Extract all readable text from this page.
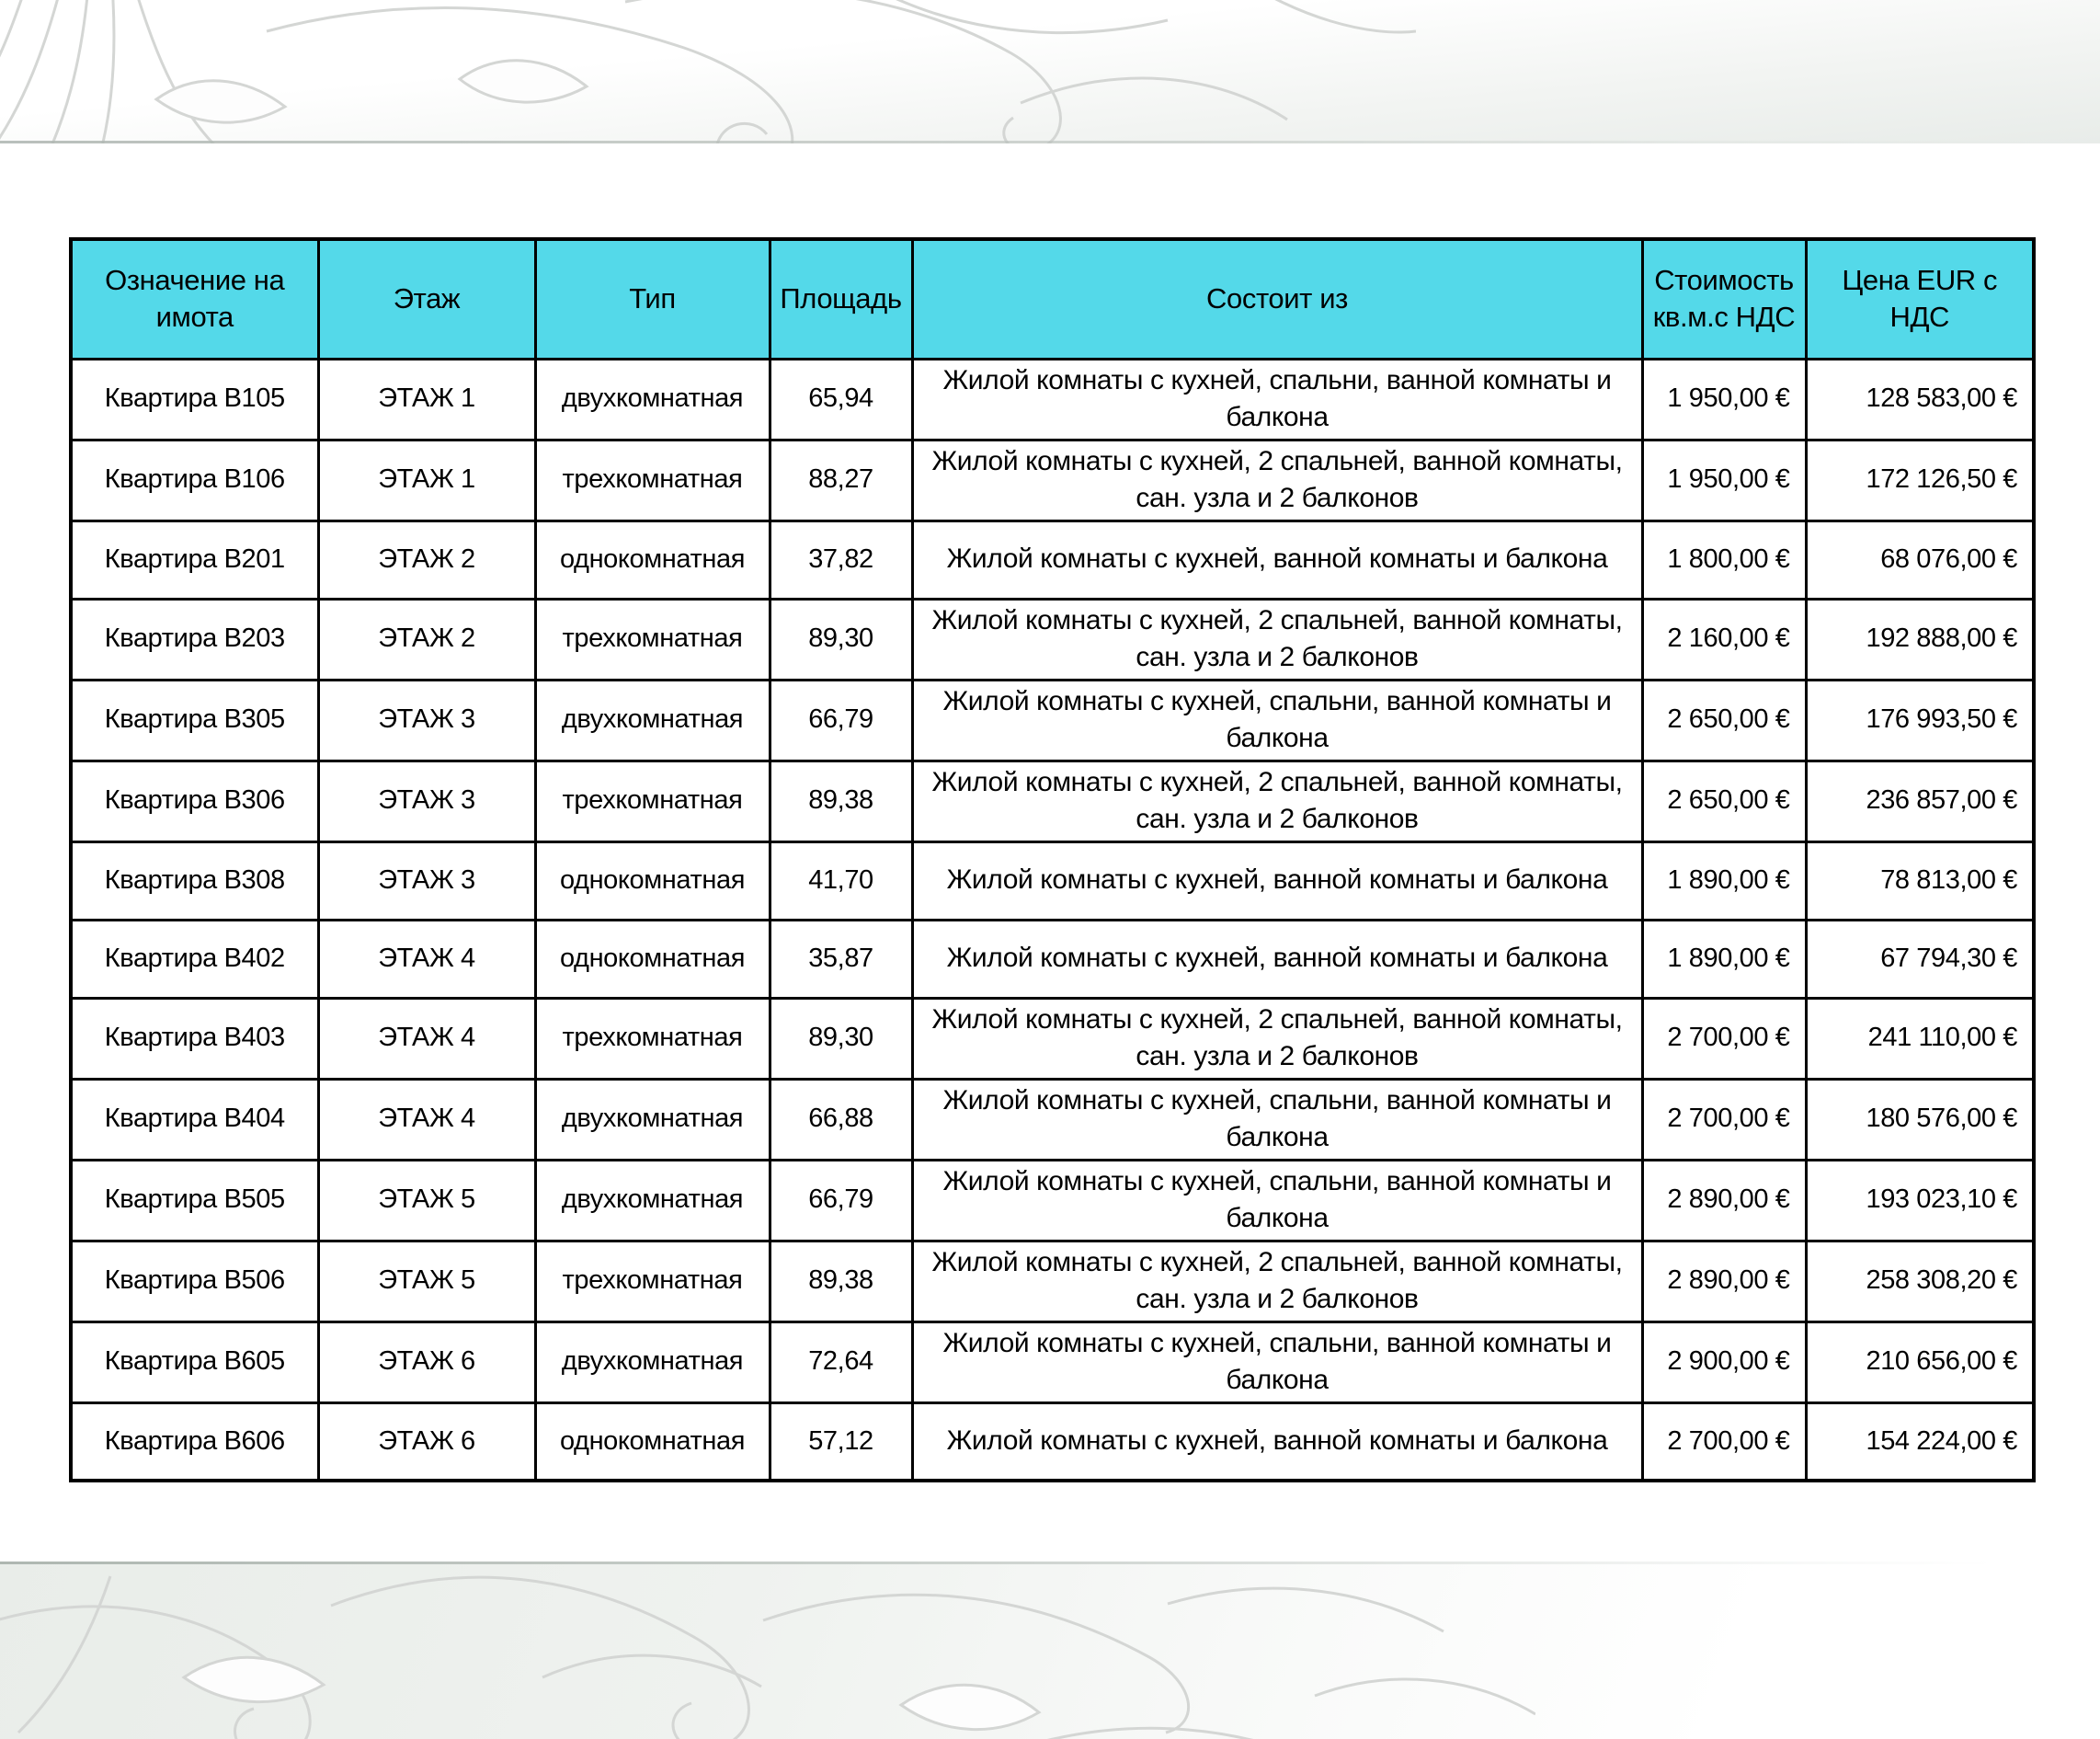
Означение на имота	Этаж	Тип	Площадь	Состоит из	Стоимость кв.м.с НДС	Цена EUR с НДС
Квартира B105	ЭТАЖ 1	двухкомнатная	65,94	Жилой комнаты с кухней, спальни, ванной комнаты и балкона	1 950,00 €	128 583,00 €
Квартира B106	ЭТАЖ 1	трехкомнатная	88,27	Жилой комнаты с кухней, 2 спальней, ванной комнаты, сан. узла и 2 балконов	1 950,00 €	172 126,50 €
Квартира B201	ЭТАЖ 2	однокомнатная	37,82	Жилой комнаты с кухней, ванной комнаты и балкона	1 800,00 €	68 076,00 €
Квартира B203	ЭТАЖ 2	трехкомнатная	89,30	Жилой комнаты с кухней, 2 спальней, ванной комнаты, сан. узла и 2 балконов	2 160,00 €	192 888,00 €
Квартира B305	ЭТАЖ 3	двухкомнатная	66,79	Жилой комнаты с кухней, спальни, ванной комнаты и балкона	2 650,00 €	176 993,50 €
Квартира B306	ЭТАЖ 3	трехкомнатная	89,38	Жилой комнаты с кухней, 2 спальней, ванной комнаты, сан. узла и 2 балконов	2 650,00 €	236 857,00 €
Квартира B308	ЭТАЖ 3	однокомнатная	41,70	Жилой комнаты с кухней, ванной комнаты и балкона	1 890,00 €	78 813,00 €
Квартира B402	ЭТАЖ 4	однокомнатная	35,87	Жилой комнаты с кухней, ванной комнаты и балкона	1 890,00 €	67 794,30 €
Квартира B403	ЭТАЖ 4	трехкомнатная	89,30	Жилой комнаты с кухней, 2 спальней, ванной комнаты, сан. узла и 2 балконов	2 700,00 €	241 110,00 €
Квартира B404	ЭТАЖ 4	двухкомнатная	66,88	Жилой комнаты с кухней, спальни, ванной комнаты и балкона	2 700,00 €	180 576,00 €
Квартира B505	ЭТАЖ 5	двухкомнатная	66,79	Жилой комнаты с кухней, спальни, ванной комнаты и балкона	2 890,00 €	193 023,10 €
Квартира B506	ЭТАЖ 5	трехкомнатная	89,38	Жилой комнаты с кухней, 2 спальней, ванной комнаты, сан. узла и 2 балконов	2 890,00 €	258 308,20 €
Квартира B605	ЭТАЖ 6	двухкомнатная	72,64	Жилой комнаты с кухней, спальни, ванной комнаты и балкона	2 900,00 €	210 656,00 €
Квартира B606	ЭТАЖ 6	однокомнатная	57,12	Жилой комнаты с кухней, ванной комнаты и балкона	2 700,00 €	154 224,00 €
